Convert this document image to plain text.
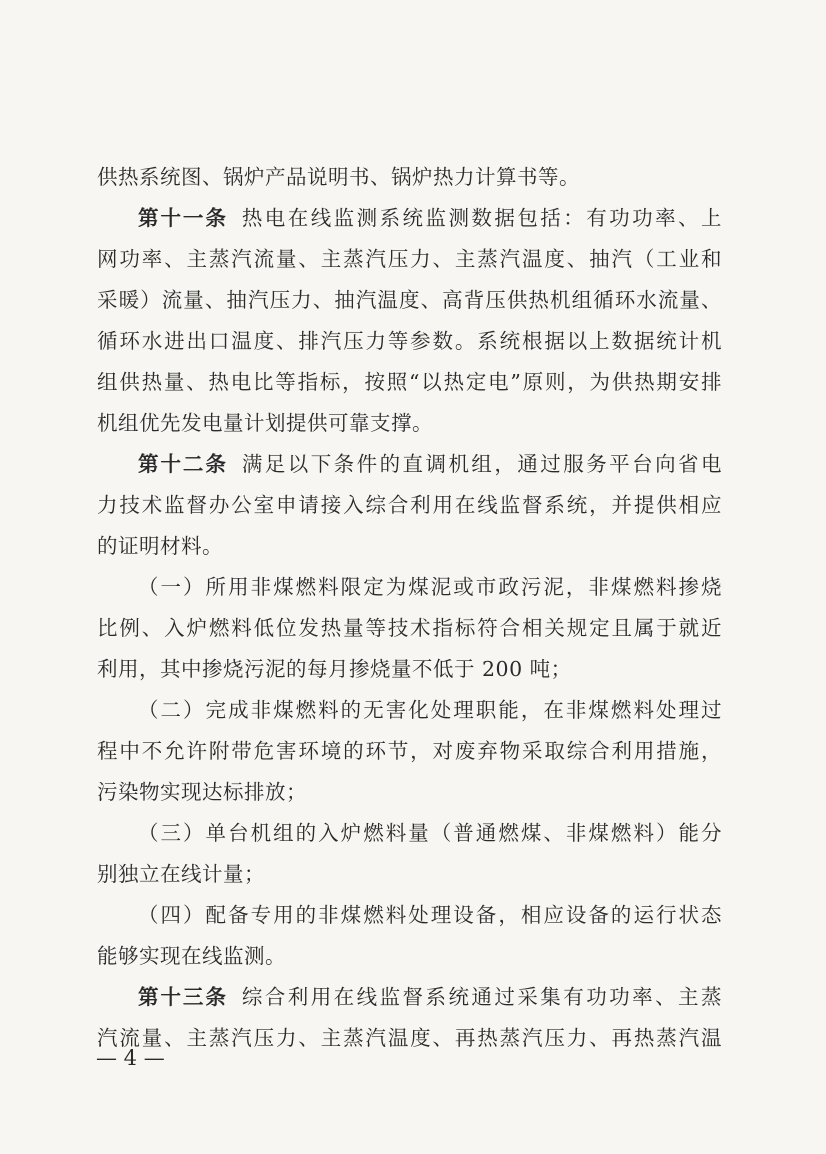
供热系统图、锅炉产品说明书、锅炉热力计算书等。
第十一条 热电在线监测系统监测数据包括：有功功率、上
网功率、主蒸汽流量、主蒸汽压力、主蒸汽温度、抽汽（工业和
采暖）流量、抽汽压力、抽汽温度、高背压供热机组循环水流量、
循环水进出口温度、排汽压力等参数。系统根据以上数据统计机
组供热量、热电比等指标，按照“以热定电”原则，为供热期安排
机组优先发电量计划提供可靠支撑。
第十二条 满足以下条件的直调机组，通过服务平台向省电
力技术监督办公室申请接入综合利用在线监督系统，并提供相应
的证明材料。
（一）所用非煤燃料限定为煤泥或市政污泥，非煤燃料掺烧
比例、入炉燃料低位发热量等技术指标符合相关规定且属于就近
利用，其中掺烧污泥的每月掺烧量不低于 200 吨；
（二）完成非煤燃料的无害化处理职能，在非煤燃料处理过
程中不允许附带危害环境的环节，对废弃物采取综合利用措施，
污染物实现达标排放；
（三）单台机组的入炉燃料量（普通燃煤、非煤燃料）能分
别独立在线计量；
（四）配备专用的非煤燃料处理设备，相应设备的运行状态
能够实现在线监测。
第十三条 综合利用在线监督系统通过采集有功功率、主蒸
汽流量、主蒸汽压力、主蒸汽温度、再热蒸汽压力、再热蒸汽温
— 4 —
